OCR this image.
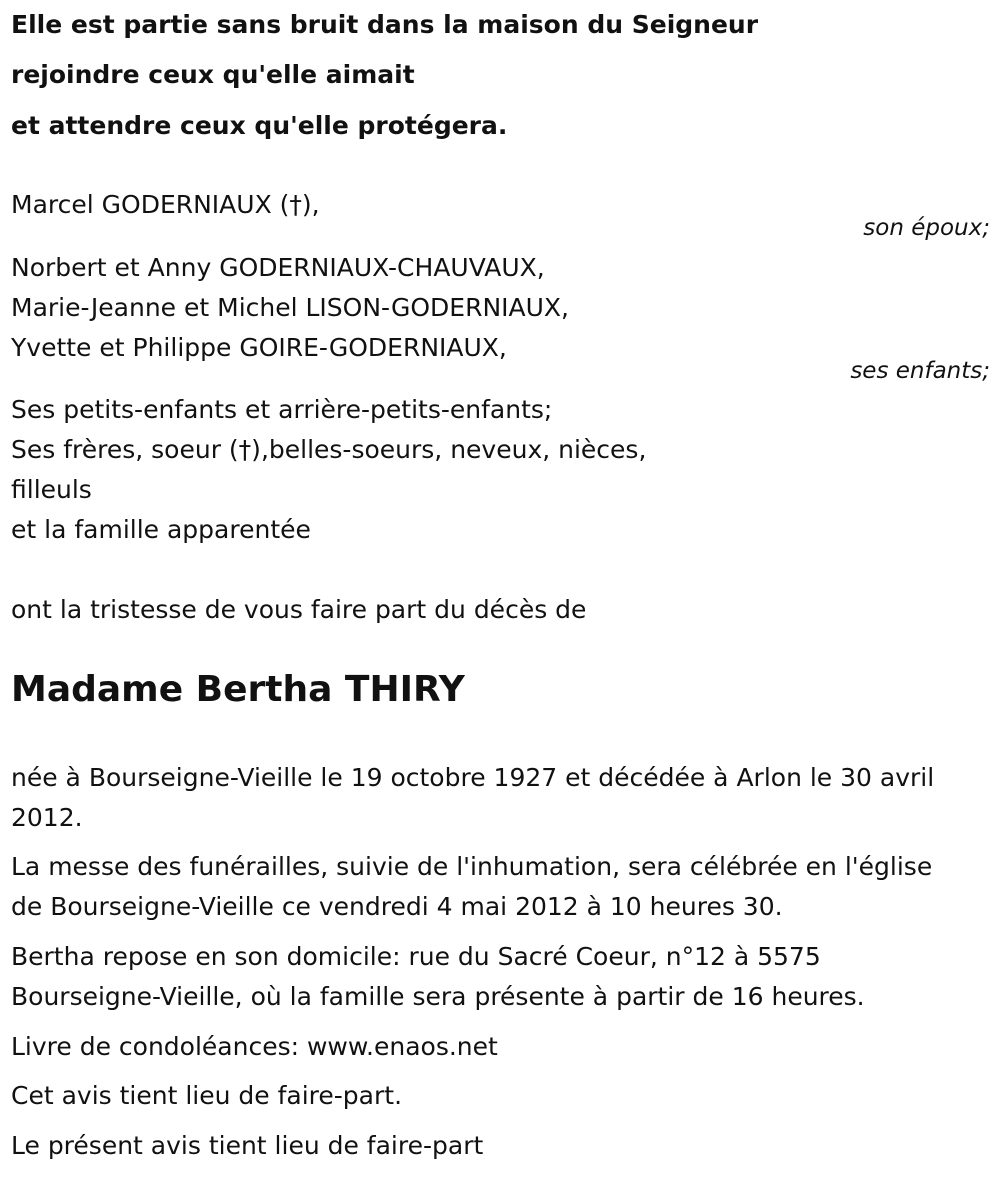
Elle est partie sans bruit dans la maison du Seigneur
rejoindre ceux qu'elle aimait
et attendre ceux qu'elle protégera.
Marcel GODERNIAUX (†),
son époux;
Norbert et Anny GODERNIAUX-CHAUVAUX,
Marie-Jeanne et Michel LISON-GODERNIAUX,
Yvette et Philippe GOIRE-GODERNIAUX,
ses enfants;
Ses petits-enfants et arrière-petits-enfants;
Ses frères, soeur (†),belles-soeurs, neveux, nièces,
filleuls
et la famille apparentée
ont la tristesse de vous faire part du décès de
Madame Bertha THIRY
née à Bourseigne-Vieille le 19 octobre 1927 et décédée à Arlon le 30 avril
2012.
La messe des funérailles, suivie de l'inhumation, sera célébrée en l'église
de Bourseigne-Vieille ce vendredi 4 mai 2012 à 10 heures 30.
Bertha repose en son domicile: rue du Sacré Coeur, n°12 à 5575
Bourseigne-Vieille, où la famille sera présente à partir de 16 heures.
Livre de condoléances: www.enaos.net
Cet avis tient lieu de faire-part.
Le présent avis tient lieu de faire-part
